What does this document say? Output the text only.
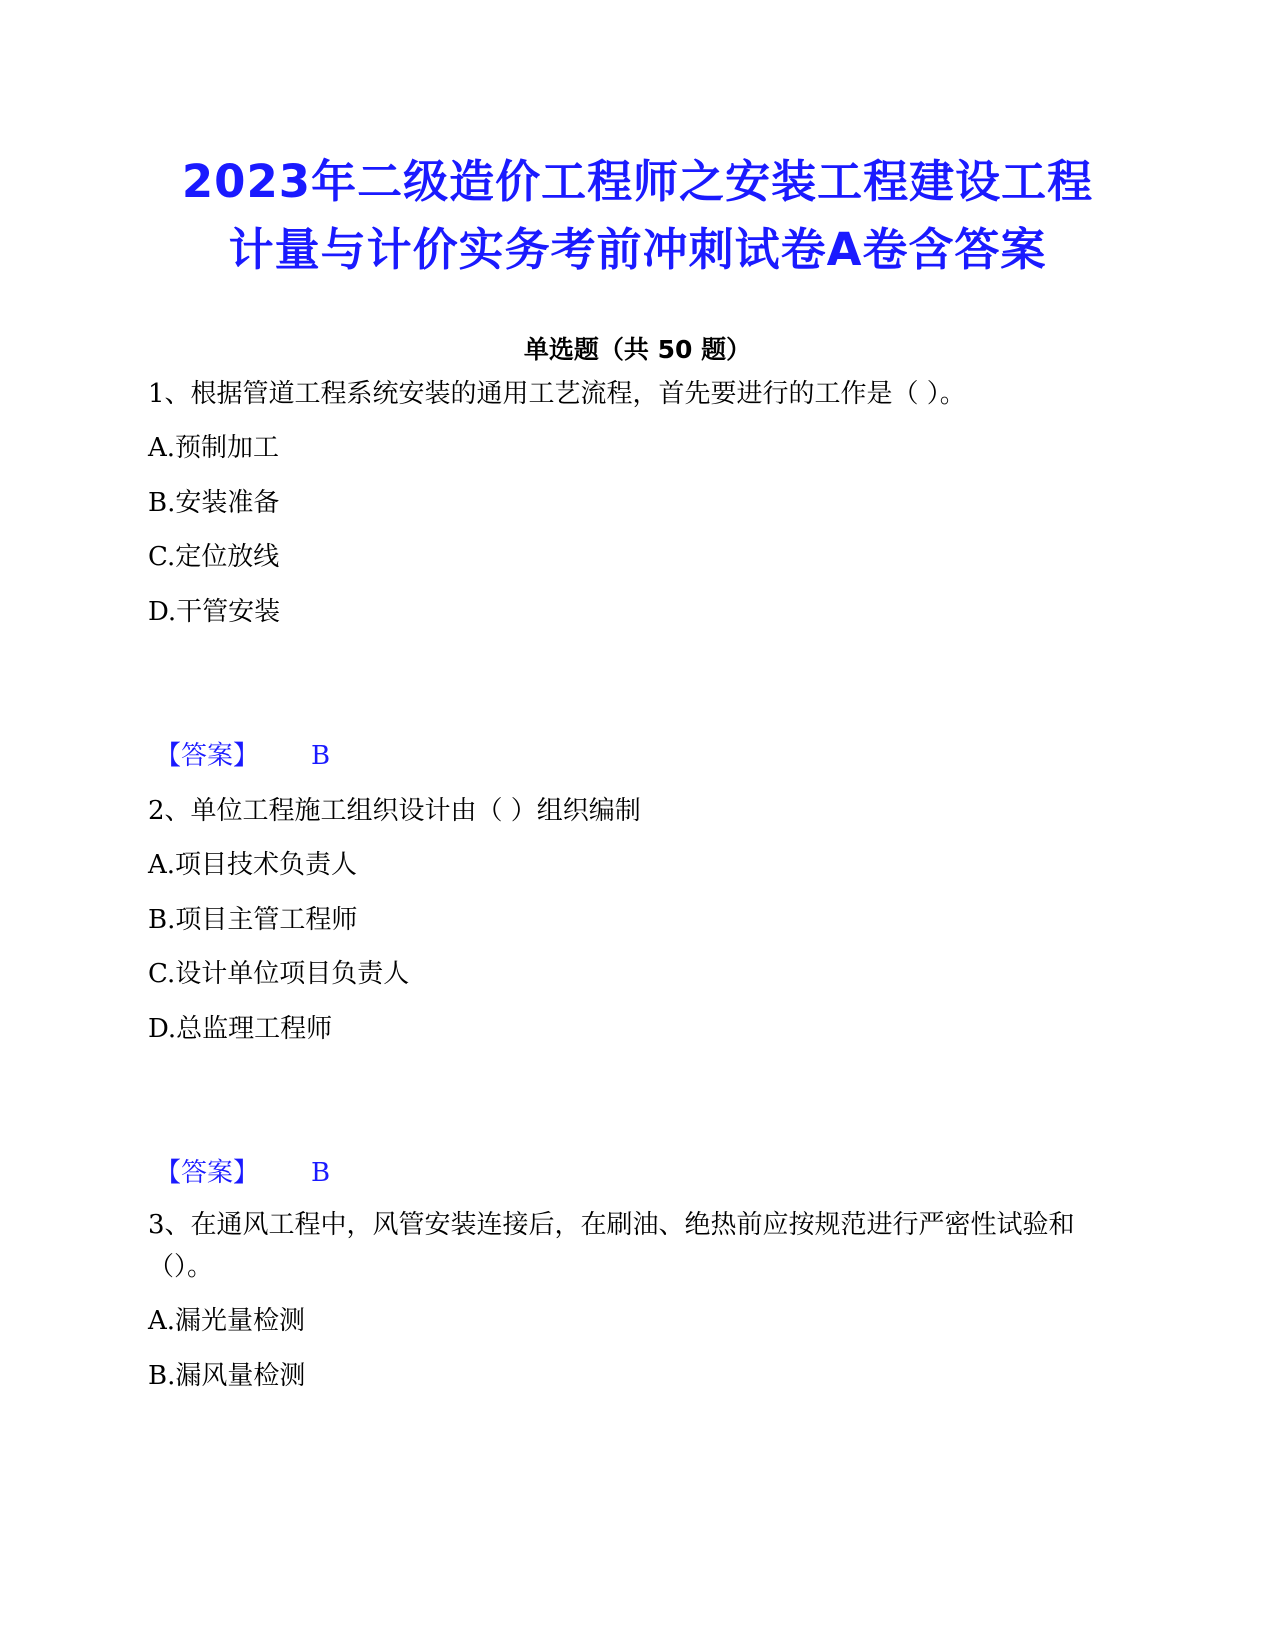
2023年二级造价工程师之安装工程建设工程
计量与计价实务考前冲刺试卷A卷含答案
单选题（共 50 题）
1、根据管道工程系统安装的通用工艺流程，首先要进行的工作是（ ）。
A.预制加工
B.安装准备
C.定位放线
D.干管安装
【答案】 B
2、单位工程施工组织设计由（ ）组织编制
A.项目技术负责人
B.项目主管工程师
C.设计单位项目负责人
D.总监理工程师
【答案】 B
3、在通风工程中，风管安装连接后，在刷油、绝热前应按规范进行严密性试验和（）。
A.漏光量检测
B.漏风量检测
